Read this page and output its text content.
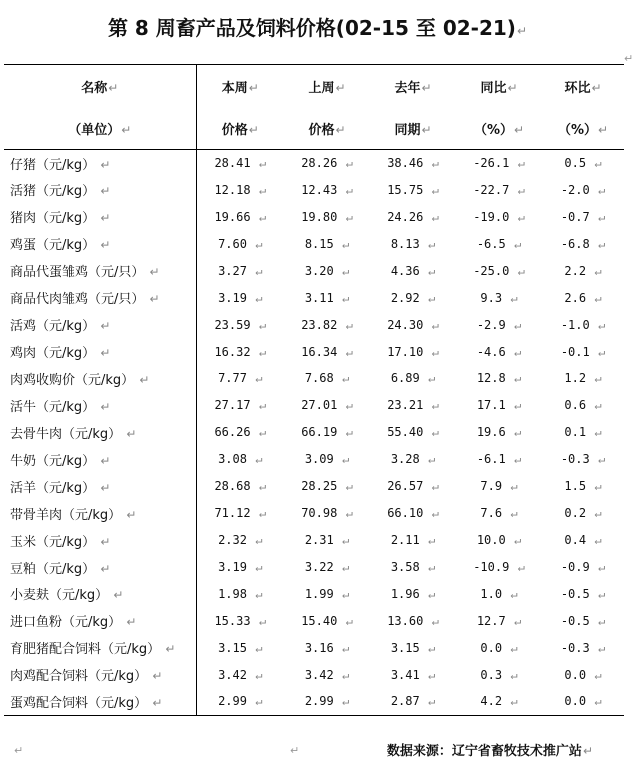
第 8 周畜产品及饲料价格(02-15 至 02-21)↵
↵
名称↵	本周↵	上周↵	去年↵	同比↵	环比↵
（单位）↵	价格↵	价格↵	同期↵	（%）↵	（%）↵
仔猪（元/kg） ↵	28.41 ↵	28.26 ↵	38.46 ↵	-26.1 ↵	0.5 ↵
活猪（元/kg） ↵	12.18 ↵	12.43 ↵	15.75 ↵	-22.7 ↵	-2.0 ↵
猪肉（元/kg） ↵	19.66 ↵	19.80 ↵	24.26 ↵	-19.0 ↵	-0.7 ↵
鸡蛋（元/kg） ↵	7.60 ↵	8.15 ↵	8.13 ↵	-6.5 ↵	-6.8 ↵
商品代蛋雏鸡（元/只） ↵	3.27 ↵	3.20 ↵	4.36 ↵	-25.0 ↵	2.2 ↵
商品代肉雏鸡（元/只） ↵	3.19 ↵	3.11 ↵	2.92 ↵	9.3 ↵	2.6 ↵
活鸡（元/kg） ↵	23.59 ↵	23.82 ↵	24.30 ↵	-2.9 ↵	-1.0 ↵
鸡肉（元/kg） ↵	16.32 ↵	16.34 ↵	17.10 ↵	-4.6 ↵	-0.1 ↵
肉鸡收购价（元/kg） ↵	7.77 ↵	7.68 ↵	6.89 ↵	12.8 ↵	1.2 ↵
活牛（元/kg） ↵	27.17 ↵	27.01 ↵	23.21 ↵	17.1 ↵	0.6 ↵
去骨牛肉（元/kg） ↵	66.26 ↵	66.19 ↵	55.40 ↵	19.6 ↵	0.1 ↵
牛奶（元/kg） ↵	3.08 ↵	3.09 ↵	3.28 ↵	-6.1 ↵	-0.3 ↵
活羊（元/kg） ↵	28.68 ↵	28.25 ↵	26.57 ↵	7.9 ↵	1.5 ↵
带骨羊肉（元/kg） ↵	71.12 ↵	70.98 ↵	66.10 ↵	7.6 ↵	0.2 ↵
玉米（元/kg） ↵	2.32 ↵	2.31 ↵	2.11 ↵	10.0 ↵	0.4 ↵
豆粕（元/kg） ↵	3.19 ↵	3.22 ↵	3.58 ↵	-10.9 ↵	-0.9 ↵
小麦麸（元/kg） ↵	1.98 ↵	1.99 ↵	1.96 ↵	1.0 ↵	-0.5 ↵
进口鱼粉（元/kg） ↵	15.33 ↵	15.40 ↵	13.60 ↵	12.7 ↵	-0.5 ↵
育肥猪配合饲料（元/kg） ↵	3.15 ↵	3.16 ↵	3.15 ↵	0.0 ↵	-0.3 ↵
肉鸡配合饲料（元/kg） ↵	3.42 ↵	3.42 ↵	3.41 ↵	0.3 ↵	0.0 ↵
蛋鸡配合饲料（元/kg） ↵	2.99 ↵	2.99 ↵	2.87 ↵	4.2 ↵	0.0 ↵
↵	↵	数据来源：辽宁省畜牧技术推广站↵
